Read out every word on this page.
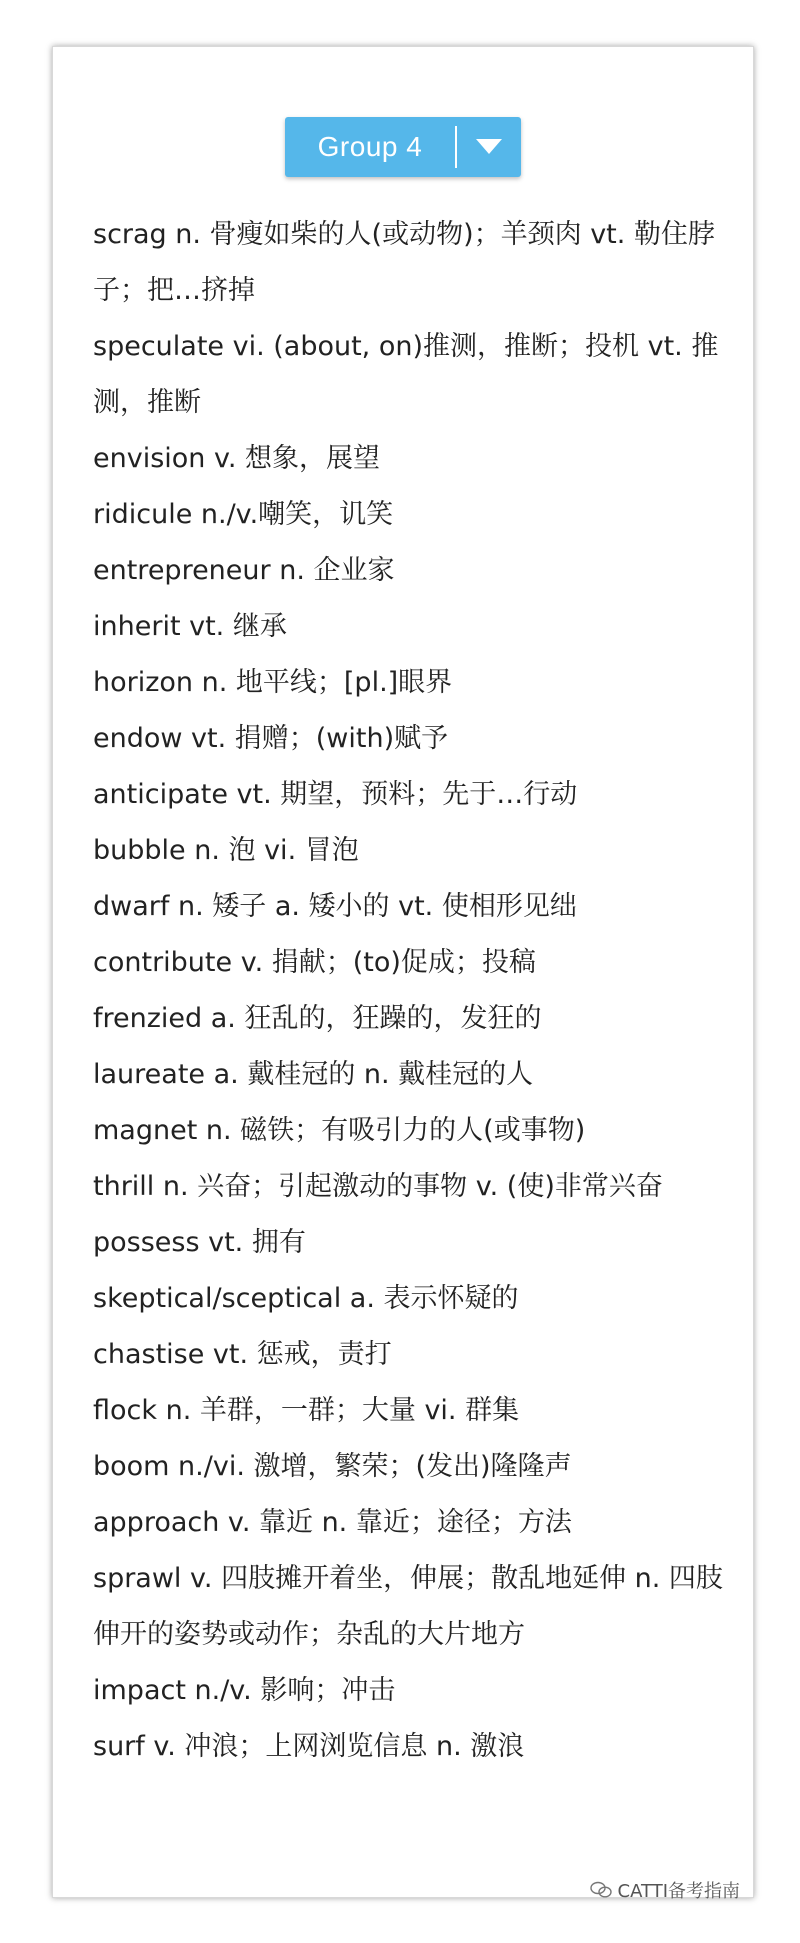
Group 4
scrag n. 骨瘦如柴的人(或动物)；羊颈肉 vt. 勒住脖子；把…挤掉
speculate vi. (about, on)推测，推断；投机 vt. 推测，推断
envision v. 想象，展望
ridicule n./v.嘲笑，讥笑
entrepreneur n. 企业家
inherit vt. 继承
horizon n. 地平线；[pl.]眼界
endow vt. 捐赠；(with)赋予
anticipate vt. 期望，预料；先于…行动
bubble n. 泡 vi. 冒泡
dwarf n. 矮子 a. 矮小的 vt. 使相形见绌
contribute v. 捐献；(to)促成；投稿
frenzied a. 狂乱的，狂躁的，发狂的
laureate a. 戴桂冠的 n. 戴桂冠的人
magnet n. 磁铁；有吸引力的人(或事物)
thrill n. 兴奋；引起激动的事物 v. (使)非常兴奋
possess vt. 拥有
skeptical/sceptical a. 表示怀疑的
chastise vt. 惩戒，责打
flock n. 羊群，一群；大量 vi. 群集
boom n./vi. 激增，繁荣；(发出)隆隆声
approach v. 靠近 n. 靠近；途径；方法
sprawl v. 四肢摊开着坐，伸展；散乱地延伸 n. 四肢伸开的姿势或动作；杂乱的大片地方
impact n./v. 影响；冲击
surf v. 冲浪；上网浏览信息 n. 激浪
CATTI备考指南
